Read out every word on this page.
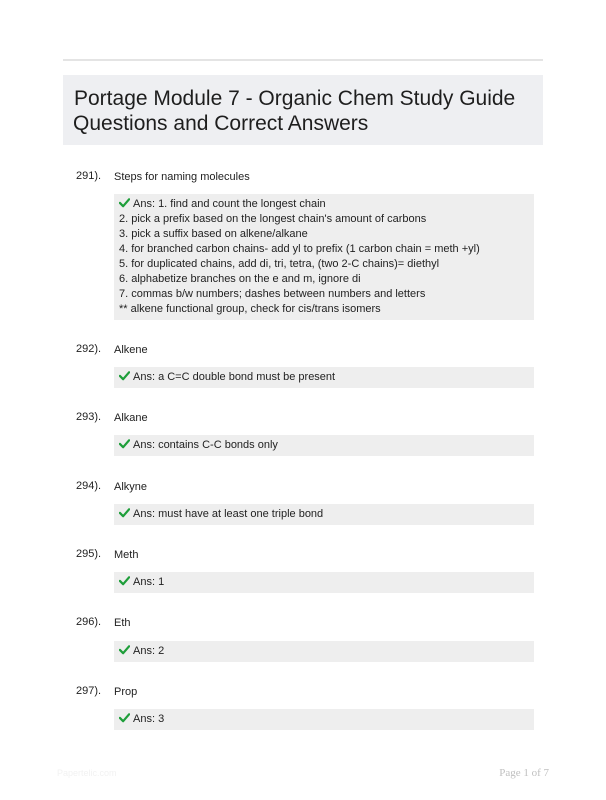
Portage Module 7 - Organic Chem Study Guide
Questions and Correct Answers
291). Steps for naming molecules
Ans: 1. find and count the longest chain
2. pick a prefix based on the longest chain's amount of carbons
3. pick a suffix based on alkene/alkane
4. for branched carbon chains- add yl to prefix (1 carbon chain = meth +yl)
5. for duplicated chains, add di, tri, tetra, (two 2-C chains)= diethyl
6. alphabetize branches on the e and m, ignore di
7. commas b/w numbers; dashes between numbers and letters
** alkene functional group, check for cis/trans isomers
292). Alkene
Ans: a C=C double bond must be present
293). Alkane
Ans: contains C-C bonds only
294). Alkyne
Ans: must have at least one triple bond
295). Meth
Ans: 1
296). Eth
Ans: 2
297). Prop
Ans: 3
Papertelic.com	Page 1 of 7
